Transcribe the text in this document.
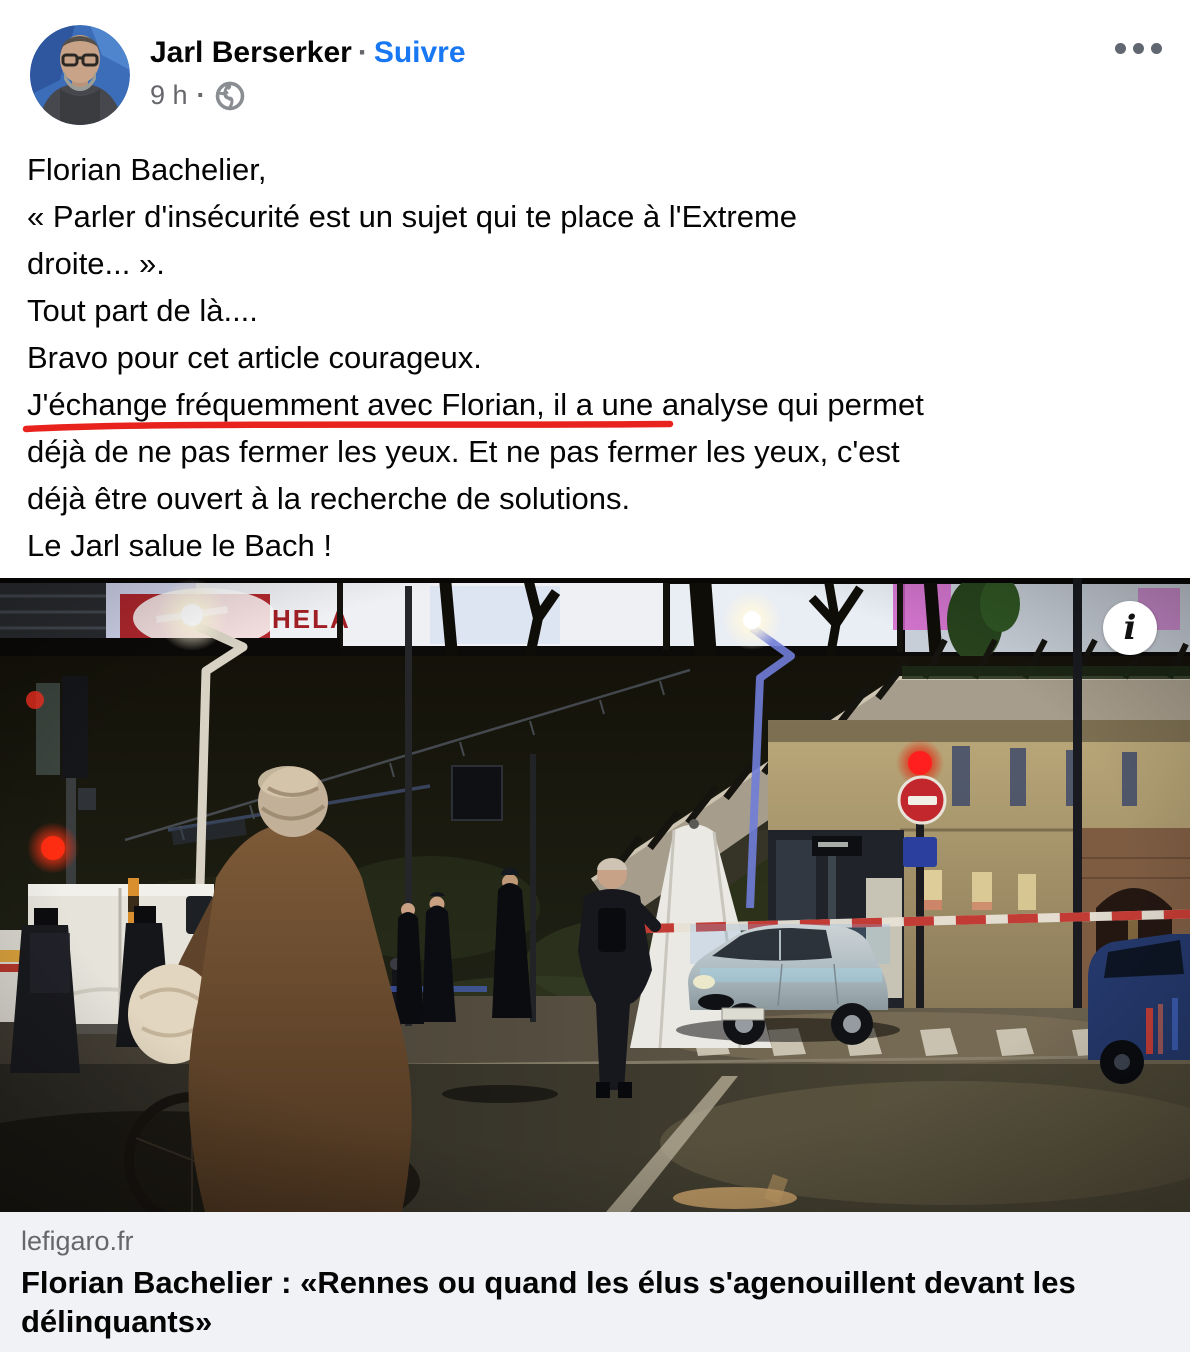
Jarl Berserker · Suivre
9 h ·
Florian Bachelier,
« Parler d'insécurité est un sujet qui te place à l'Extreme
droite... ».
Tout part de là....
Bravo pour cet article courageux.
J'échange fréquemment avec Florian, il a une analyse qui permet
déjà de ne pas fermer les yeux. Et ne pas fermer les yeux, c'est
déjà être ouvert à la recherche de solutions.
Le Jarl salue le Bach !
i
lefigaro.fr
Florian Bachelier : «Rennes ou quand les élus s'agenouillent devant les
délinquants»
